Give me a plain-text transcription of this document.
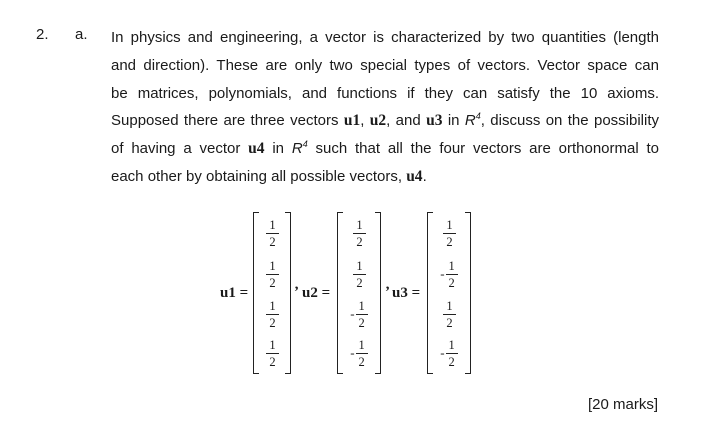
2. a. In physics and engineering, a vector is characterized by two quantities (length
and direction). These are only two special types of vectors. Vector space can
be matrices, polynomials, and functions if they can satisfy the 10 axioms.
Supposed there are three vectors u1, u2, and u3 in $R^4$, discuss on the possibility
of having a vector u4 in $R^4$ such that all the four vectors are orthonormal to
each other by obtaining all possible vectors, u4.
u1 =
$\frac{1}{2}$
$\frac{1}{2}$
$\frac{1}{2}$
$\frac{1}{2}$
’ u2 =
$\frac{1}{2}$
$\frac{1}{2}$
- $\frac{1}{2}$
- $\frac{1}{2}$
’ u3 =
$\frac{1}{2}$
- $\frac{1}{2}$
$\frac{1}{2}$
- $\frac{1}{2}$
[20 marks]
